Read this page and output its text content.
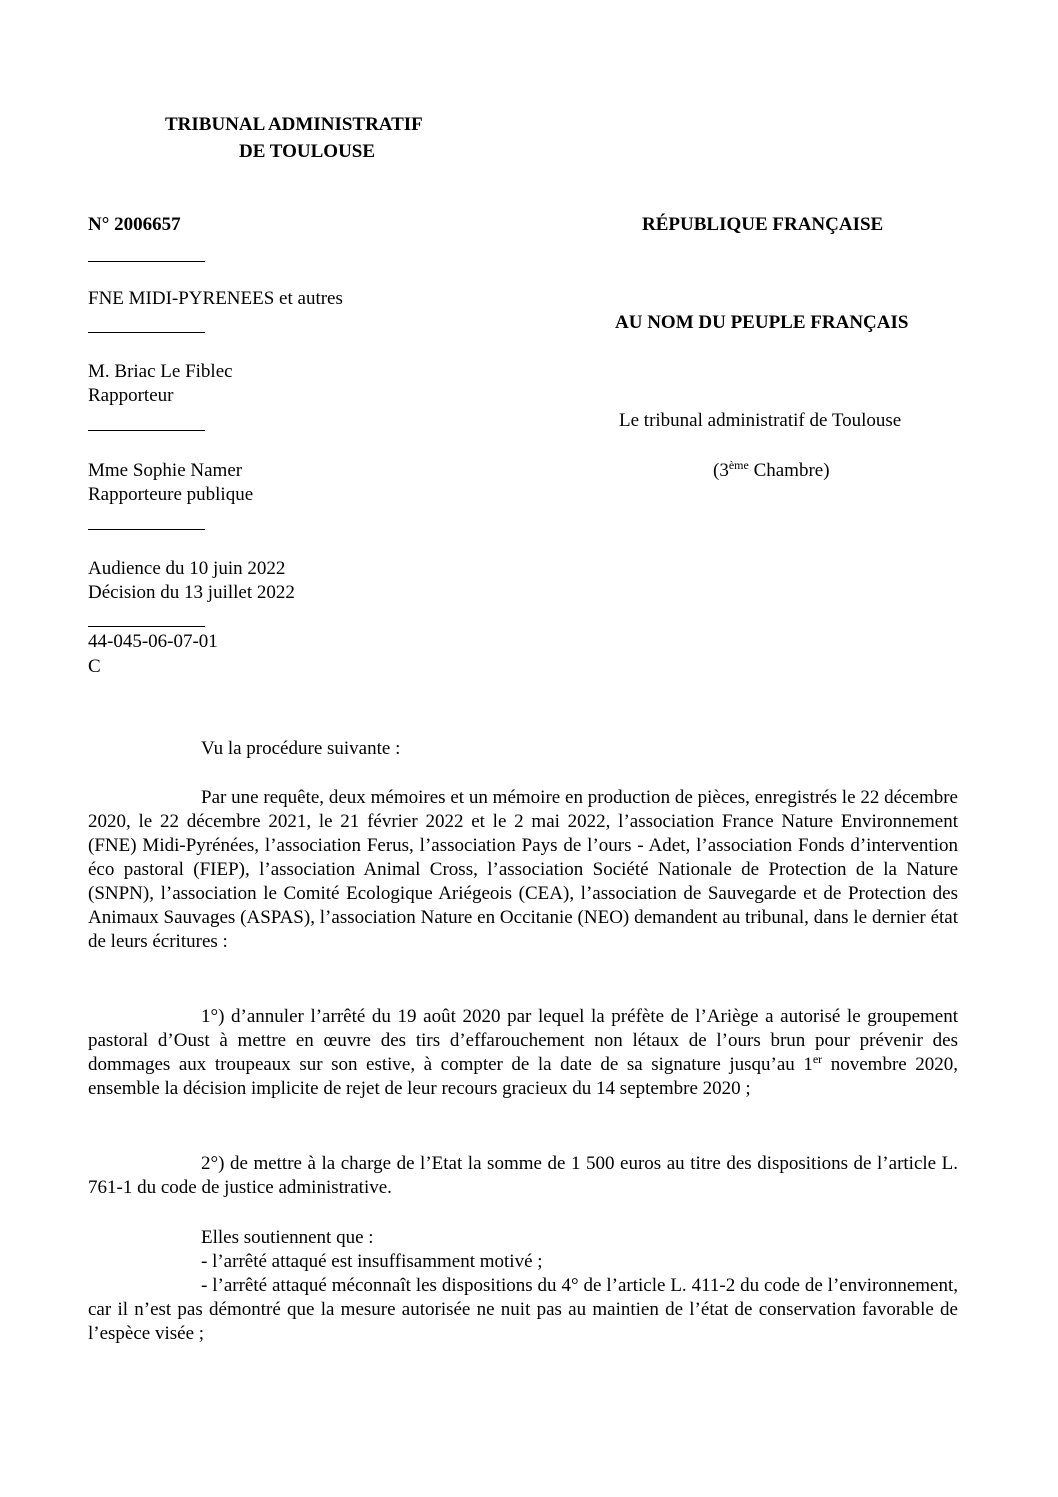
TRIBUNAL ADMINISTRATIF
DE TOULOUSE
N° 2006657
FNE MIDI-PYRENEES et autres
M. Briac Le Fiblec
Rapporteur
Mme Sophie Namer
Rapporteure publique
Audience du 10 juin 2022
Décision du 13 juillet 2022
44-045-06-07-01
C
RÉPUBLIQUE FRANÇAISE
AU NOM DU PEUPLE FRANÇAIS
Le tribunal administratif de Toulouse
(3ème Chambre)
Vu la procédure suivante :
Par une requête, deux mémoires et un mémoire en production de pièces, enregistrés le 22 décembre 2020, le 22 décembre 2021, le 21 février 2022 et le 2 mai 2022, l’association France Nature Environnement (FNE) Midi-Pyrénées, l’association Ferus, l’association Pays de l’ours - Adet, l’association Fonds d’intervention éco pastoral (FIEP), l’association Animal Cross, l’association Société Nationale de Protection de la Nature (SNPN), l’association le Comité Ecologique Ariégeois (CEA), l’association de Sauvegarde et de Protection des Animaux Sauvages (ASPAS), l’association Nature en Occitanie (NEO) demandent au tribunal, dans le dernier état de leurs écritures :
1°) d’annuler l’arrêté du 19 août 2020 par lequel la préfète de l’Ariège a autorisé le groupement pastoral d’Oust à mettre en œuvre des tirs d’effarouchement non létaux de l’ours brun pour prévenir des dommages aux troupeaux sur son estive, à compter de la date de sa signature jusqu’au 1er novembre 2020, ensemble la décision implicite de rejet de leur recours gracieux du 14 septembre 2020 ;
2°) de mettre à la charge de l’Etat la somme de 1 500 euros au titre des dispositions de l’article L. 761-1 du code de justice administrative.
Elles soutiennent que :
- l’arrêté attaqué est insuffisamment motivé ;
- l’arrêté attaqué méconnaît les dispositions du 4° de l’article L. 411-2 du code de l’environnement, car il n’est pas démontré que la mesure autorisée ne nuit pas au maintien de l’état de conservation favorable de l’espèce visée ;
